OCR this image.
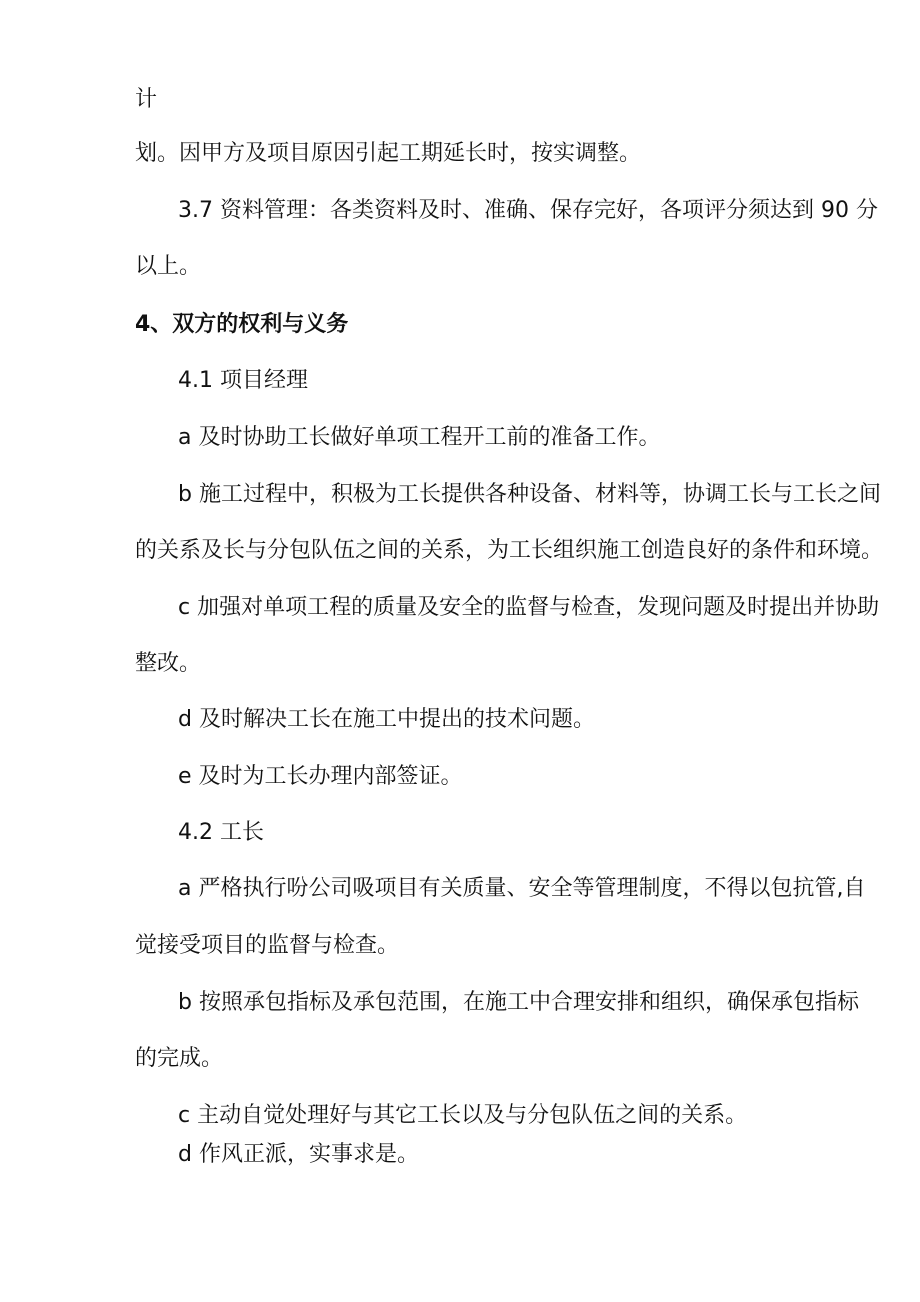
计

划。因甲方及项目原因引起工期延长时，按实调整。

3.7 资料管理：各类资料及时、准确、保存完好，各项评分须达到 90 分

以上。

4、双方的权利与义务

4.1 项目经理

a 及时协助工长做好单项工程开工前的准备工作。

b 施工过程中，积极为工长提供各种设备、材料等，协调工长与工长之间

的关系及长与分包队伍之间的关系，为工长组织施工创造良好的条件和环境。

c 加强对单项工程的质量及安全的监督与检查，发现问题及时提出并协助

整改。

d 及时解决工长在施工中提出的技术问题。

e 及时为工长办理内部签证。

4.2 工长

a 严格执行吩公司吸项目有关质量、安全等管理制度，不得以包抗管,自

觉接受项目的监督与检查。

b 按照承包指标及承包范围，在施工中合理安排和组织，确保承包指标

的完成。

c 主动自觉处理好与其它工长以及与分包队伍之间的关系。

d 作风正派，实事求是。
